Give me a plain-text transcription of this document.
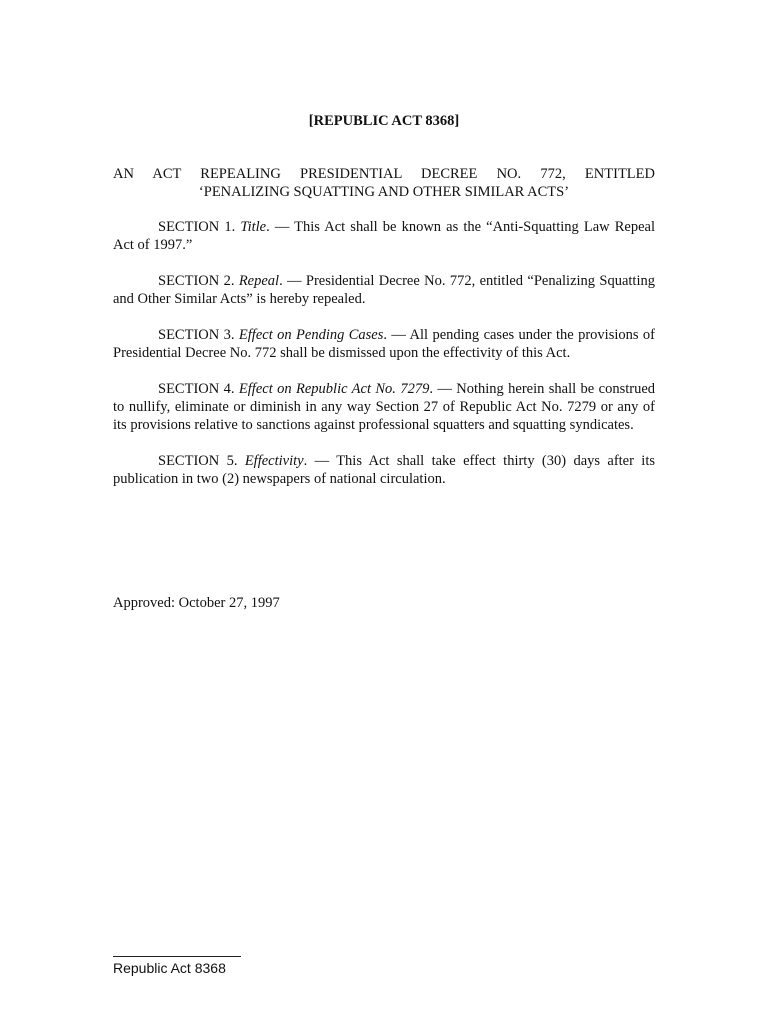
[REPUBLIC ACT 8368]
AN ACT REPEALING PRESIDENTIAL DECREE NO. 772, ENTITLED
‘PENALIZING SQUATTING AND OTHER SIMILAR ACTS’

SECTION 1. Title. — This Act shall be known as the “Anti-Squatting Law Repeal Act of 1997.”

SECTION 2. Repeal. — Presidential Decree No. 772, entitled “Penalizing Squatting and Other Similar Acts” is hereby repealed.

SECTION 3. Effect on Pending Cases. — All pending cases under the provisions of Presidential Decree No. 772 shall be dismissed upon the effectivity of this Act.

SECTION 4. Effect on Republic Act No. 7279. — Nothing herein shall be construed to nullify, eliminate or diminish in any way Section 27 of Republic Act No. 7279 or any of its provisions relative to sanctions against professional squatters and squatting syndicates.

SECTION 5. Effectivity. — This Act shall take effect thirty (30) days after its publication in two (2) newspapers of national circulation.

Approved: October 27, 1997
Republic Act 8368
